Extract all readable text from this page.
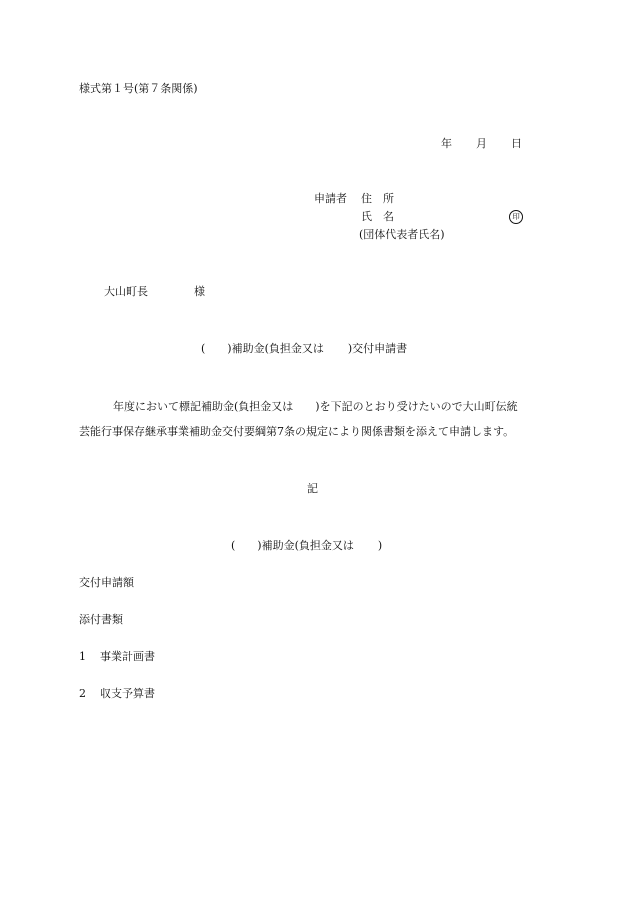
様式第１号(第７条関係)
年 月 日
申請者 住　所
氏　名	印
(団体代表者氏名)
大山町長	様
( )補助金(負担金又は )交付申請書
年度において標記補助金(負担金又は )を下記のとおり受けたいので大山町伝統
芸能行事保存継承事業補助金交付要綱第7条の規定により関係書類を添えて申請します。
記
( )補助金(負担金又は )
交付申請額
添付書類
1 事業計画書
2 収支予算書
